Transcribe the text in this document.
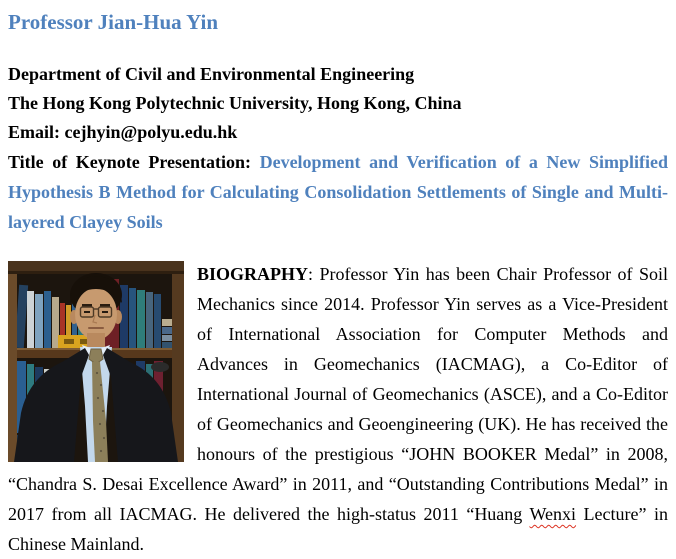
Professor Jian-Hua Yin

Department of Civil and Environmental Engineering

The Hong Kong Polytechnic University, Hong Kong, China

Email: cejhyin@polyu.edu.hk

Title of Keynote Presentation: Development and Verification of a New Simplified Hypothesis B Method for Calculating Consolidation Settlements of Single and Multi-layered Clayey Soils

BIOGRAPHY: Professor Yin has been Chair Professor of Soil Mechanics since 2014. Professor Yin serves as a Vice-President of International Association for Computer Methods and Advances in Geomechanics (IACMAG), a Co-Editor of International Journal of Geomechanics (ASCE), and a Co-Editor of Geomechanics and Geoengineering (UK). He has received the honours of the prestigious “JOHN BOOKER Medal” in 2008, “Chandra S. Desai Excellence Award” in 2011, and “Outstanding Contributions Medal” in 2017 from all IACMAG. He delivered the high-status 2011 “Huang Wenxi Lecture” in Chinese Mainland.
